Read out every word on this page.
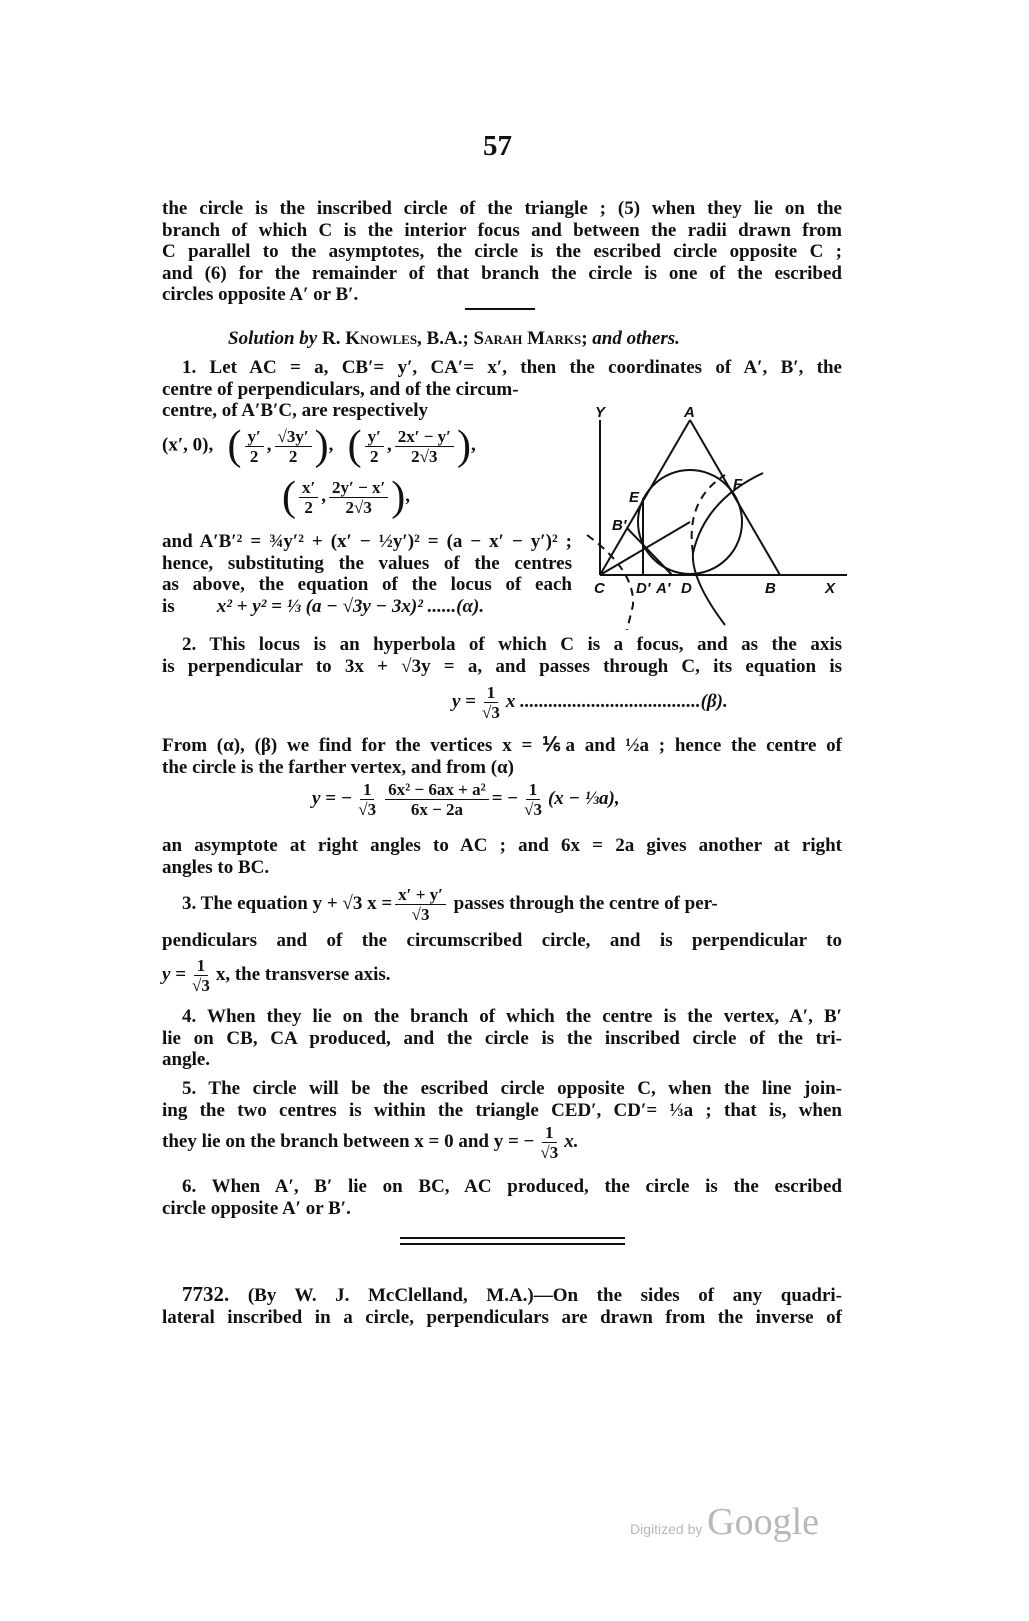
57
the circle is the inscribed circle of the triangle ; (5) when they lie on the
branch of which C is the interior focus and between the radii drawn from
C parallel to the asymptotes, the circle is the escribed circle opposite C ;
and (6) for the remainder of that branch the circle is one of the escribed
circles opposite A′ or B′.
Solution by R. Knowles, B.A.; Sarah Marks; and others.
1. Let AC = a, CB′= y′, CA′= x′, then the coordinates of A′, B′, the
centre of perpendiculars, and of the circum-
centre, of A′B′C, are respectively
(x′, 0), ( $\frac{y'}{2}$ , $\frac{√3y'}{2}$ ),   ( $\frac{y'}{2}$ , $\frac{2x' - y'}{2√3}$ ),
( $\frac{x'}{2}$ , $\frac{2y' - x'}{2√3}$ ),
and A′B′² = ¾y′² + (x′ − ½y′)² = (a − x′ − y′)² ;
hence, substituting the values of the centres
as above, the equation of the locus of each
is x² + y² = ⅓ (a − √3y − 3x)² ......(α).
Y	A
E
F
B′
C D′ A′ D	B	X
2. This locus is an hyperbola of which C is a focus, and as the axis
is perpendicular to 3x + √3y = a, and passes through C, its equation is
$y = \frac{1}{√3}$ x ......................................(β).
From (α), (β) we find for the vertices x = ⅙a and ½a ; hence the centre of
the circle is the farther vertex, and from (α)
y = − $\frac{1}{√3} \frac{\text{6x² − 6ax + a²}}{6x - 2a}$ = − $\frac{1}{√3} (x$ − ⅓a),
an asymptote at right angles to AC ; and 6x = 2a gives another at right
angles to BC.
3. The equation y + √3 $x = \frac{x' + y'}{√3}$ passes through the centre of per-
pendiculars and of the circumscribed circle, and is perpendicular to
$y = \frac{1}{√3} x$, the transverse axis.
4. When they lie on the branch of which the centre is the vertex, A′, B′
lie on CB, CA produced, and the circle is the inscribed circle of the tri-
angle.
5. The circle will be the escribed circle opposite C, when the line join-
ing the two centres is within the triangle CED′, CD′= ⅓a ; that is, when
they lie on the branch between x = 0 and y = − $\frac{1}{√3} x$.
6. When A′, B′ lie on BC, AC produced, the circle is the escribed
circle opposite A′ or B′.
7732. (By W. J. McClelland, M.A.)—On the sides of any quadri-
lateral inscribed in a circle, perpendiculars are drawn from the inverse of
Digitized by Google
